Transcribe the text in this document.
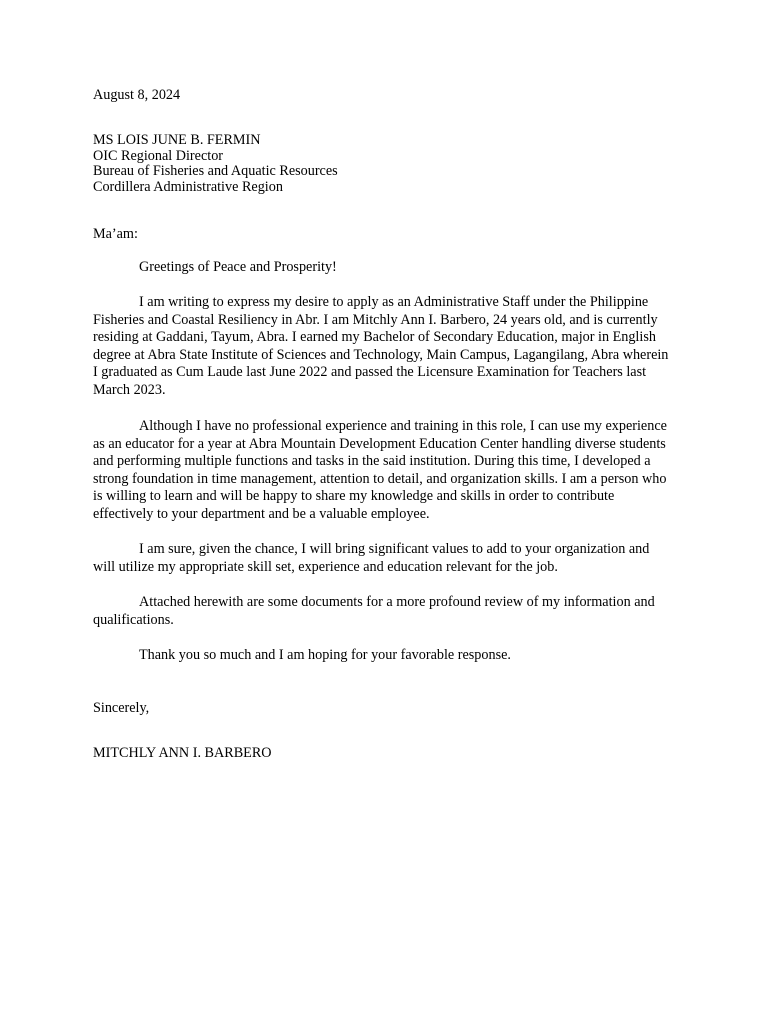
August 8, 2024
MS LOIS JUNE B. FERMIN
OIC Regional Director
Bureau of Fisheries and Aquatic Resources
Cordillera Administrative Region
Ma’am:
Greetings of Peace and Prosperity!
I am writing to express my desire to apply as an Administrative Staff under the Philippine
Fisheries and Coastal Resiliency in Abr. I am Mitchly Ann I. Barbero, 24 years old, and is currently
residing at Gaddani, Tayum, Abra. I earned my Bachelor of Secondary Education, major in English
degree at Abra State Institute of Sciences and Technology, Main Campus, Lagangilang, Abra wherein
I graduated as Cum Laude last June 2022 and passed the Licensure Examination for Teachers last
March 2023.
Although I have no professional experience and training in this role, I can use my experience
as an educator for a year at Abra Mountain Development Education Center handling diverse students
and performing multiple functions and tasks in the said institution. During this time, I developed a
strong foundation in time management, attention to detail, and organization skills. I am a person who
is willing to learn and will be happy to share my knowledge and skills in order to contribute
effectively to your department and be a valuable employee.
I am sure, given the chance, I will bring significant values to add to your organization and
will utilize my appropriate skill set, experience and education relevant for the job.
Attached herewith are some documents for a more profound review of my information and
qualifications.
Thank you so much and I am hoping for your favorable response.
Sincerely,
MITCHLY ANN I. BARBERO
